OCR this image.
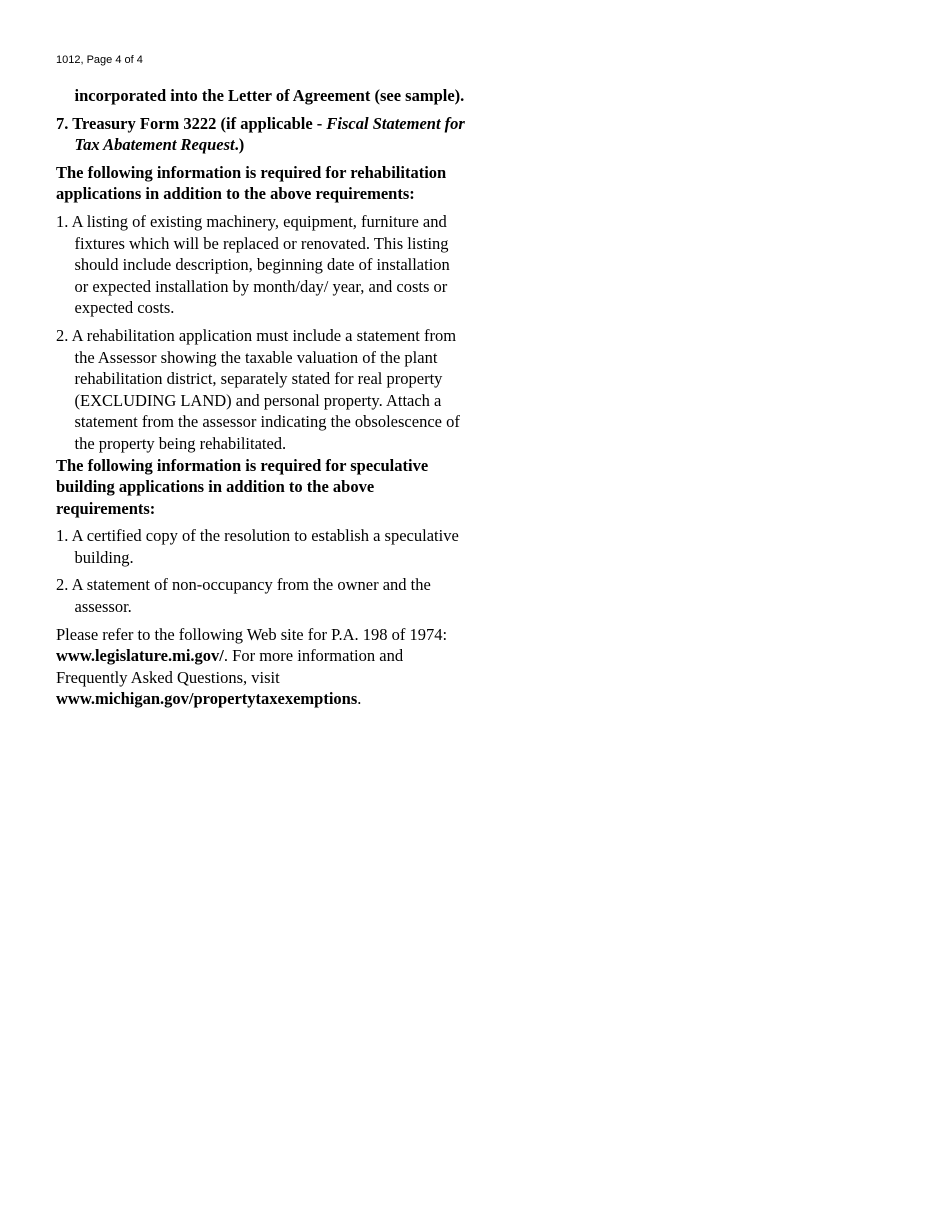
1012, Page 4 of 4

incorporated into the Letter of Agreement (see sample).

7. Treasury Form 3222 (if applicable - Fiscal Statement for Tax Abatement Request.)

The following information is required for rehabilitation applications in addition to the above requirements:

1. A listing of existing machinery, equipment, furniture and fixtures which will be replaced or renovated. This listing should include description, beginning date of installation or expected installation by month/day/ year, and costs or expected costs.

2. A rehabilitation application must include a statement from the Assessor showing the taxable valuation of the plant rehabilitation district, separately stated for real property (EXCLUDING LAND) and personal property. Attach a statement from the assessor indicating the obsolescence of the property being rehabilitated.

The following information is required for speculative building applications in addition to the above requirements:

1. A certified copy of the resolution to establish a speculative building.

2. A statement of non-occupancy from the owner and the assessor.

Please refer to the following Web site for P.A. 198 of 1974: www.legislature.mi.gov/. For more information and Frequently Asked Questions, visit www.michigan.gov/propertytaxexemptions.
